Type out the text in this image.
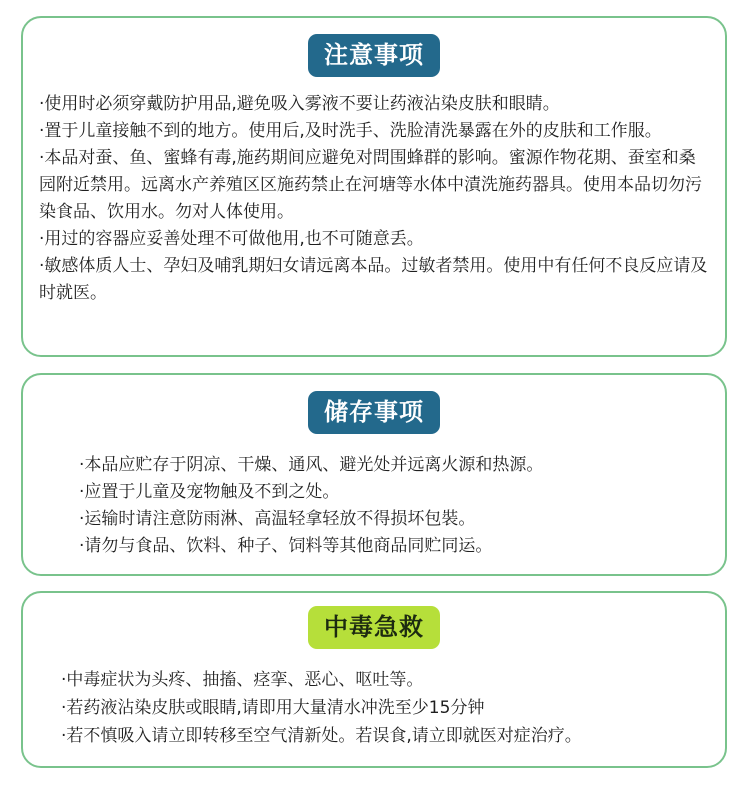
注意事项
·使用时必须穿戴防护用品,避免吸入雾液不要让药液沾染皮肤和眼睛。
·置于儿童接触不到的地方。使用后,及时洗手、洗脸清洗暴露在外的皮肤和工作服。
·本品对蚕、鱼、蜜蜂有毒,施药期间应避免对問围蜂群的影响。蜜源作物花期、蚕室和桑园附近禁用。远离水产养殖区区施药禁止在河塘等水体中漬洗施药器具。使用本品切勿污染食品、饮用水。勿对人体使用。
·用过的容器应妥善处理不可做他用,也不可随意丢。
·敏感体质人士、孕妇及哺乳期妇女请远离本品。过敏者禁用。使用中有任何不良反应请及时就医。
储存事项
·本品应贮存于阴凉、干燥、通风、避光处并远离火源和热源。
·应置于儿童及宠物触及不到之处。
·运输时请注意防雨淋、高温轻拿轻放不得损坏包裝。
·请勿与食品、饮料、种子、饲料等其他商品同贮同运。
中毒急救
·中毒症状为头疼、抽搐、痉挛、恶心、呕吐等。
·若药液沾染皮肤或眼睛,请即用大量清水冲洗至少15分钟
·若不慎吸入请立即转移至空气清新处。若误食,请立即就医对症治疗。
